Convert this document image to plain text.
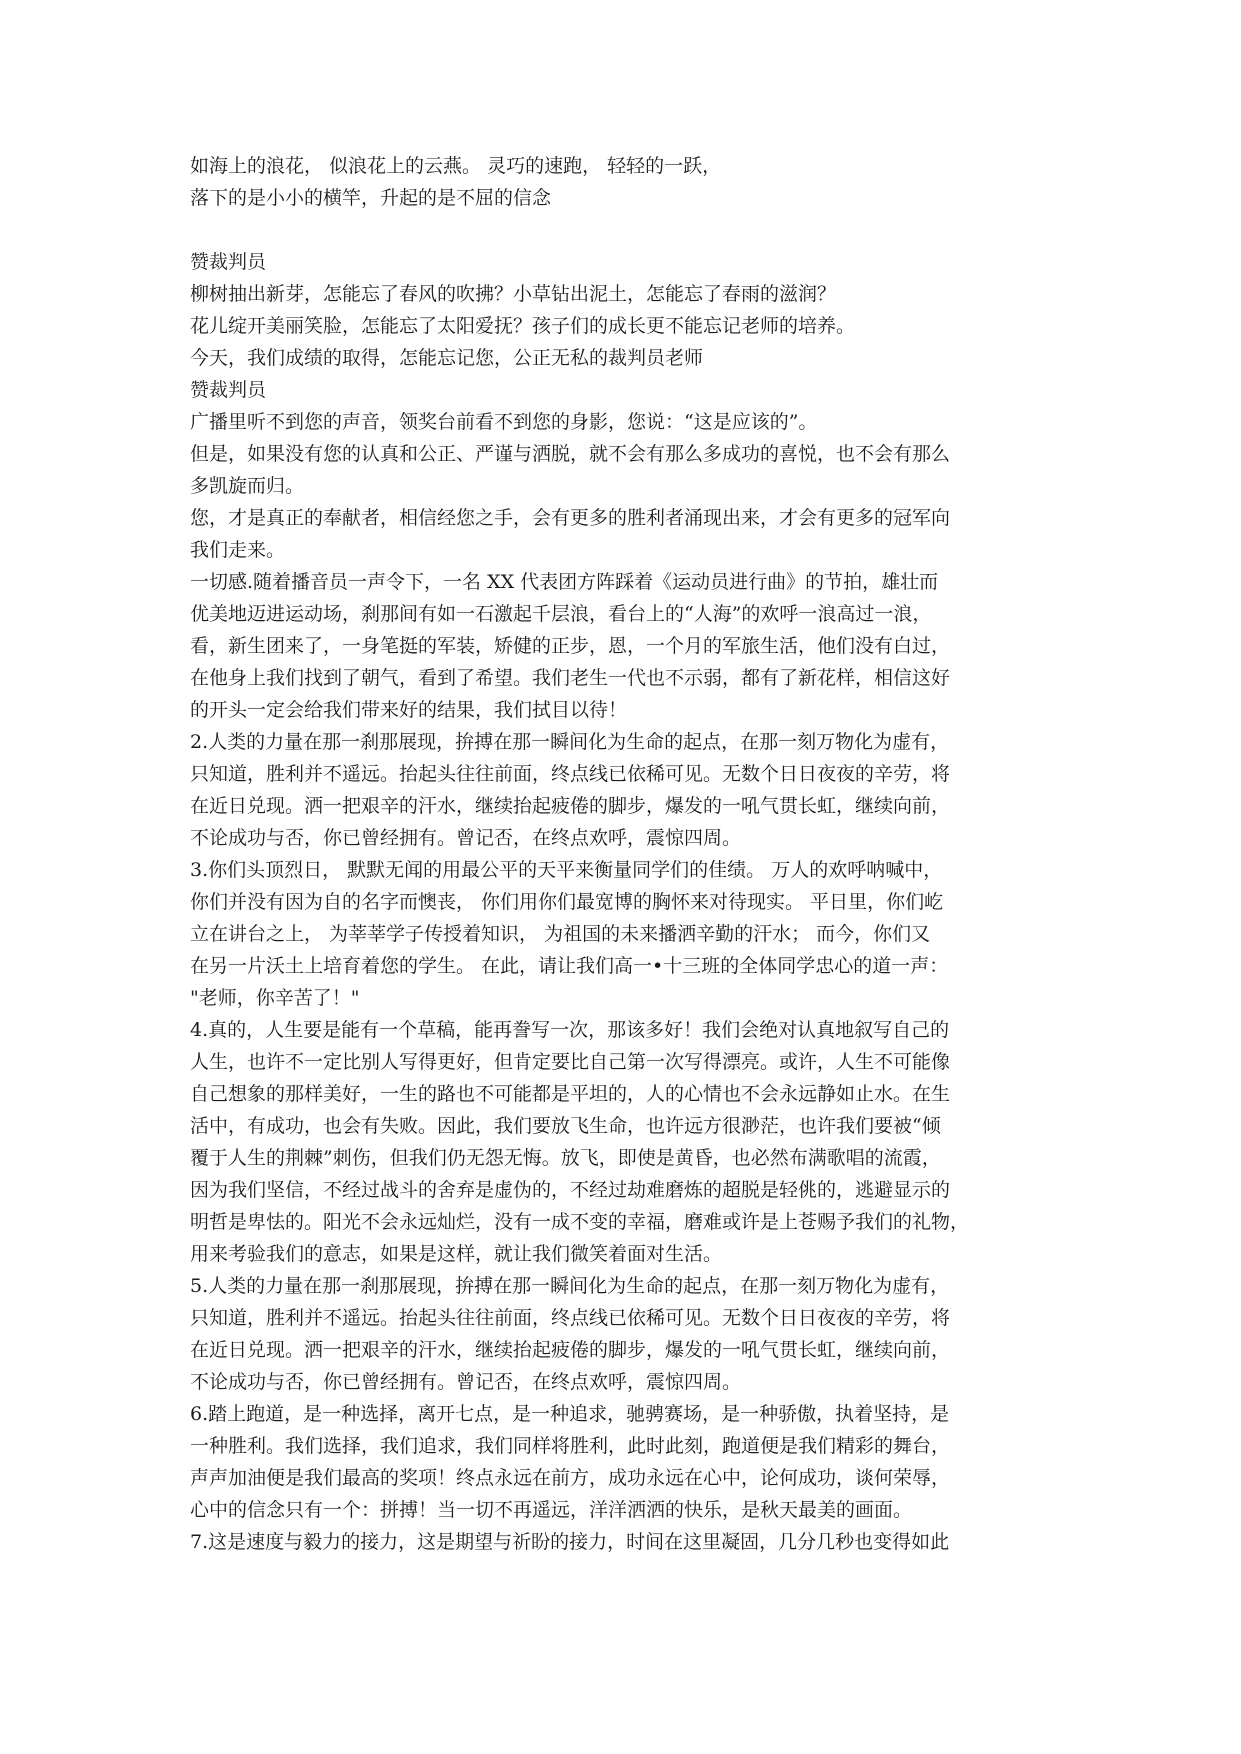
如海上的浪花， 似浪花上的云燕。 灵巧的速跑， 轻轻的一跃，
落下的是小小的横竿，升起的是不屈的信念
赞裁判员
柳树抽出新芽，怎能忘了春风的吹拂？小草钻出泥土，怎能忘了春雨的滋润？
花儿绽开美丽笑脸，怎能忘了太阳爱抚？孩子们的成长更不能忘记老师的培养。
今天，我们成绩的取得，怎能忘记您，公正无私的裁判员老师
赞裁判员
广播里听不到您的声音，领奖台前看不到您的身影，您说：“这是应该的”。
但是，如果没有您的认真和公正、严谨与洒脱，就不会有那么多成功的喜悦，也不会有那么
多凯旋而归。
您，才是真正的奉献者，相信经您之手，会有更多的胜利者涌现出来，才会有更多的冠军向
我们走来。
一切感.随着播音员一声令下，一名 XX 代表团方阵踩着《运动员进行曲》的节拍，雄壮而
优美地迈进运动场，刹那间有如一石激起千层浪，看台上的“人海”的欢呼一浪高过一浪，
看，新生团来了，一身笔挺的军装，矫健的正步，恩，一个月的军旅生活，他们没有白过，
在他身上我们找到了朝气，看到了希望。我们老生一代也不示弱，都有了新花样，相信这好
的开头一定会给我们带来好的结果，我们拭目以待！
2.人类的力量在那一刹那展现，拚搏在那一瞬间化为生命的起点，在那一刻万物化为虚有，
只知道，胜利并不遥远。抬起头往往前面，终点线已依稀可见。无数个日日夜夜的辛劳，将
在近日兑现。洒一把艰辛的汗水，继续抬起疲倦的脚步，爆发的一吼气贯长虹，继续向前，
不论成功与否，你已曾经拥有。曾记否，在终点欢呼，震惊四周。
3.你们头顶烈日， 默默无闻的用最公平的天平来衡量同学们的佳绩。 万人的欢呼呐喊中，
你们并没有因为自的名字而懊丧， 你们用你们最宽博的胸怀来对待现实。 平日里，你们屹
立在讲台之上， 为莘莘学子传授着知识， 为祖国的未来播洒辛勤的汗水； 而今，你们又
在另一片沃土上培育着您的学生。 在此，请让我们高一•十三班的全体同学忠心的道一声：
"老师，你辛苦了！"
4.真的，人生要是能有一个草稿，能再誊写一次，那该多好！我们会绝对认真地叙写自己的
人生，也许不一定比别人写得更好，但肯定要比自己第一次写得漂亮。或许，人生不可能像
自己想象的那样美好，一生的路也不可能都是平坦的，人的心情也不会永远静如止水。在生
活中，有成功，也会有失败。因此，我们要放飞生命，也许远方很渺茫，也许我们要被“倾
覆于人生的荆棘”刺伤，但我们仍无怨无悔。放飞，即使是黄昏，也必然布满歌唱的流霞，
因为我们坚信，不经过战斗的舍弃是虚伪的，不经过劫难磨炼的超脱是轻佻的，逃避显示的
明哲是卑怯的。阳光不会永远灿烂，没有一成不变的幸福，磨难或许是上苍赐予我们的礼物，
用来考验我们的意志，如果是这样，就让我们微笑着面对生活。
5.人类的力量在那一刹那展现，拚搏在那一瞬间化为生命的起点，在那一刻万物化为虚有，
只知道，胜利并不遥远。抬起头往往前面，终点线已依稀可见。无数个日日夜夜的辛劳，将
在近日兑现。洒一把艰辛的汗水，继续抬起疲倦的脚步，爆发的一吼气贯长虹，继续向前，
不论成功与否，你已曾经拥有。曾记否，在终点欢呼，震惊四周。
6.踏上跑道，是一种选择，离开七点，是一种追求，驰骋赛场，是一种骄傲，执着坚持，是
一种胜利。我们选择，我们追求，我们同样将胜利，此时此刻，跑道便是我们精彩的舞台，
声声加油便是我们最高的奖项！终点永远在前方，成功永远在心中，论何成功，谈何荣辱，
心中的信念只有一个：拼搏！当一切不再遥远，洋洋洒洒的快乐，是秋天最美的画面。
7.这是速度与毅力的接力，这是期望与祈盼的接力，时间在这里凝固，几分几秒也变得如此
